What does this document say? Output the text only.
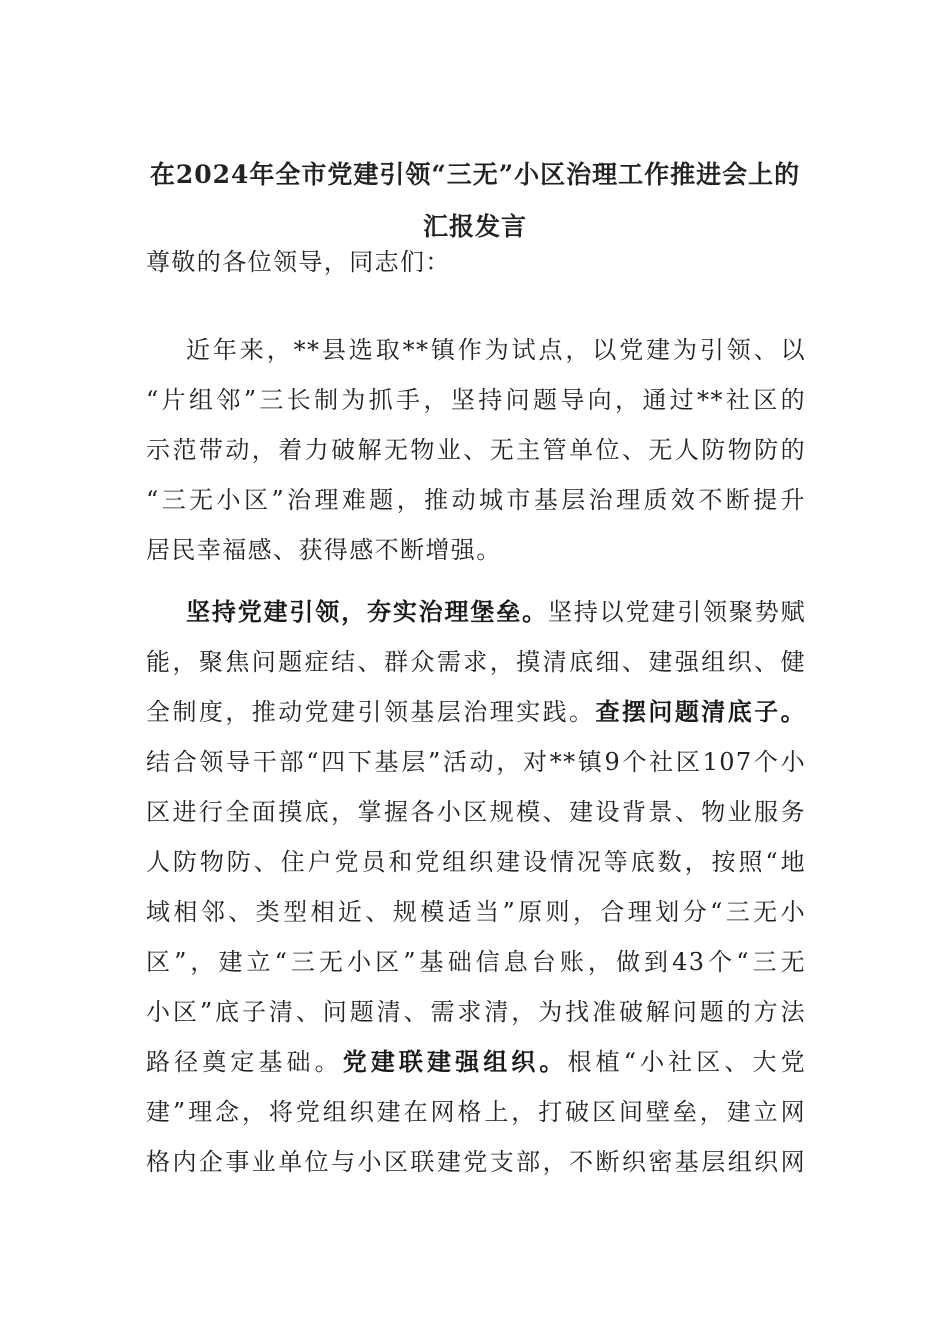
在2024年全市党建引领“三无”小区治理工作推进会上的
汇报发言

尊敬的各位领导，同志们：

近年来，**县选取**镇作为试点，以党建为引领、以

“片组邻”三长制为抓手，坚持问题导向，通过**社区的

示范带动，着力破解无物业、无主管单位、无人防物防的

“三无小区”治理难题，推动城市基层治理质效不断提升

居民幸福感、获得感不断增强。

坚持党建引领，夯实治理堡垒。坚持以党建引领聚势赋

能，聚焦问题症结、群众需求，摸清底细、建强组织、健

全制度，推动党建引领基层治理实践。查摆问题清底子。

结合领导干部“四下基层”活动，对**镇9个社区107个小

区进行全面摸底，掌握各小区规模、建设背景、物业服务

人防物防、住户党员和党组织建设情况等底数，按照“地

域相邻、类型相近、规模适当”原则，合理划分“三无小

区”，建立“三无小区”基础信息台账，做到43个“三无

小区”底子清、问题清、需求清，为找准破解问题的方法

路径奠定基础。党建联建强组织。根植“小社区、大党

建”理念，将党组织建在网格上，打破区间壁垒，建立网

格内企事业单位与小区联建党支部，不断织密基层组织网
